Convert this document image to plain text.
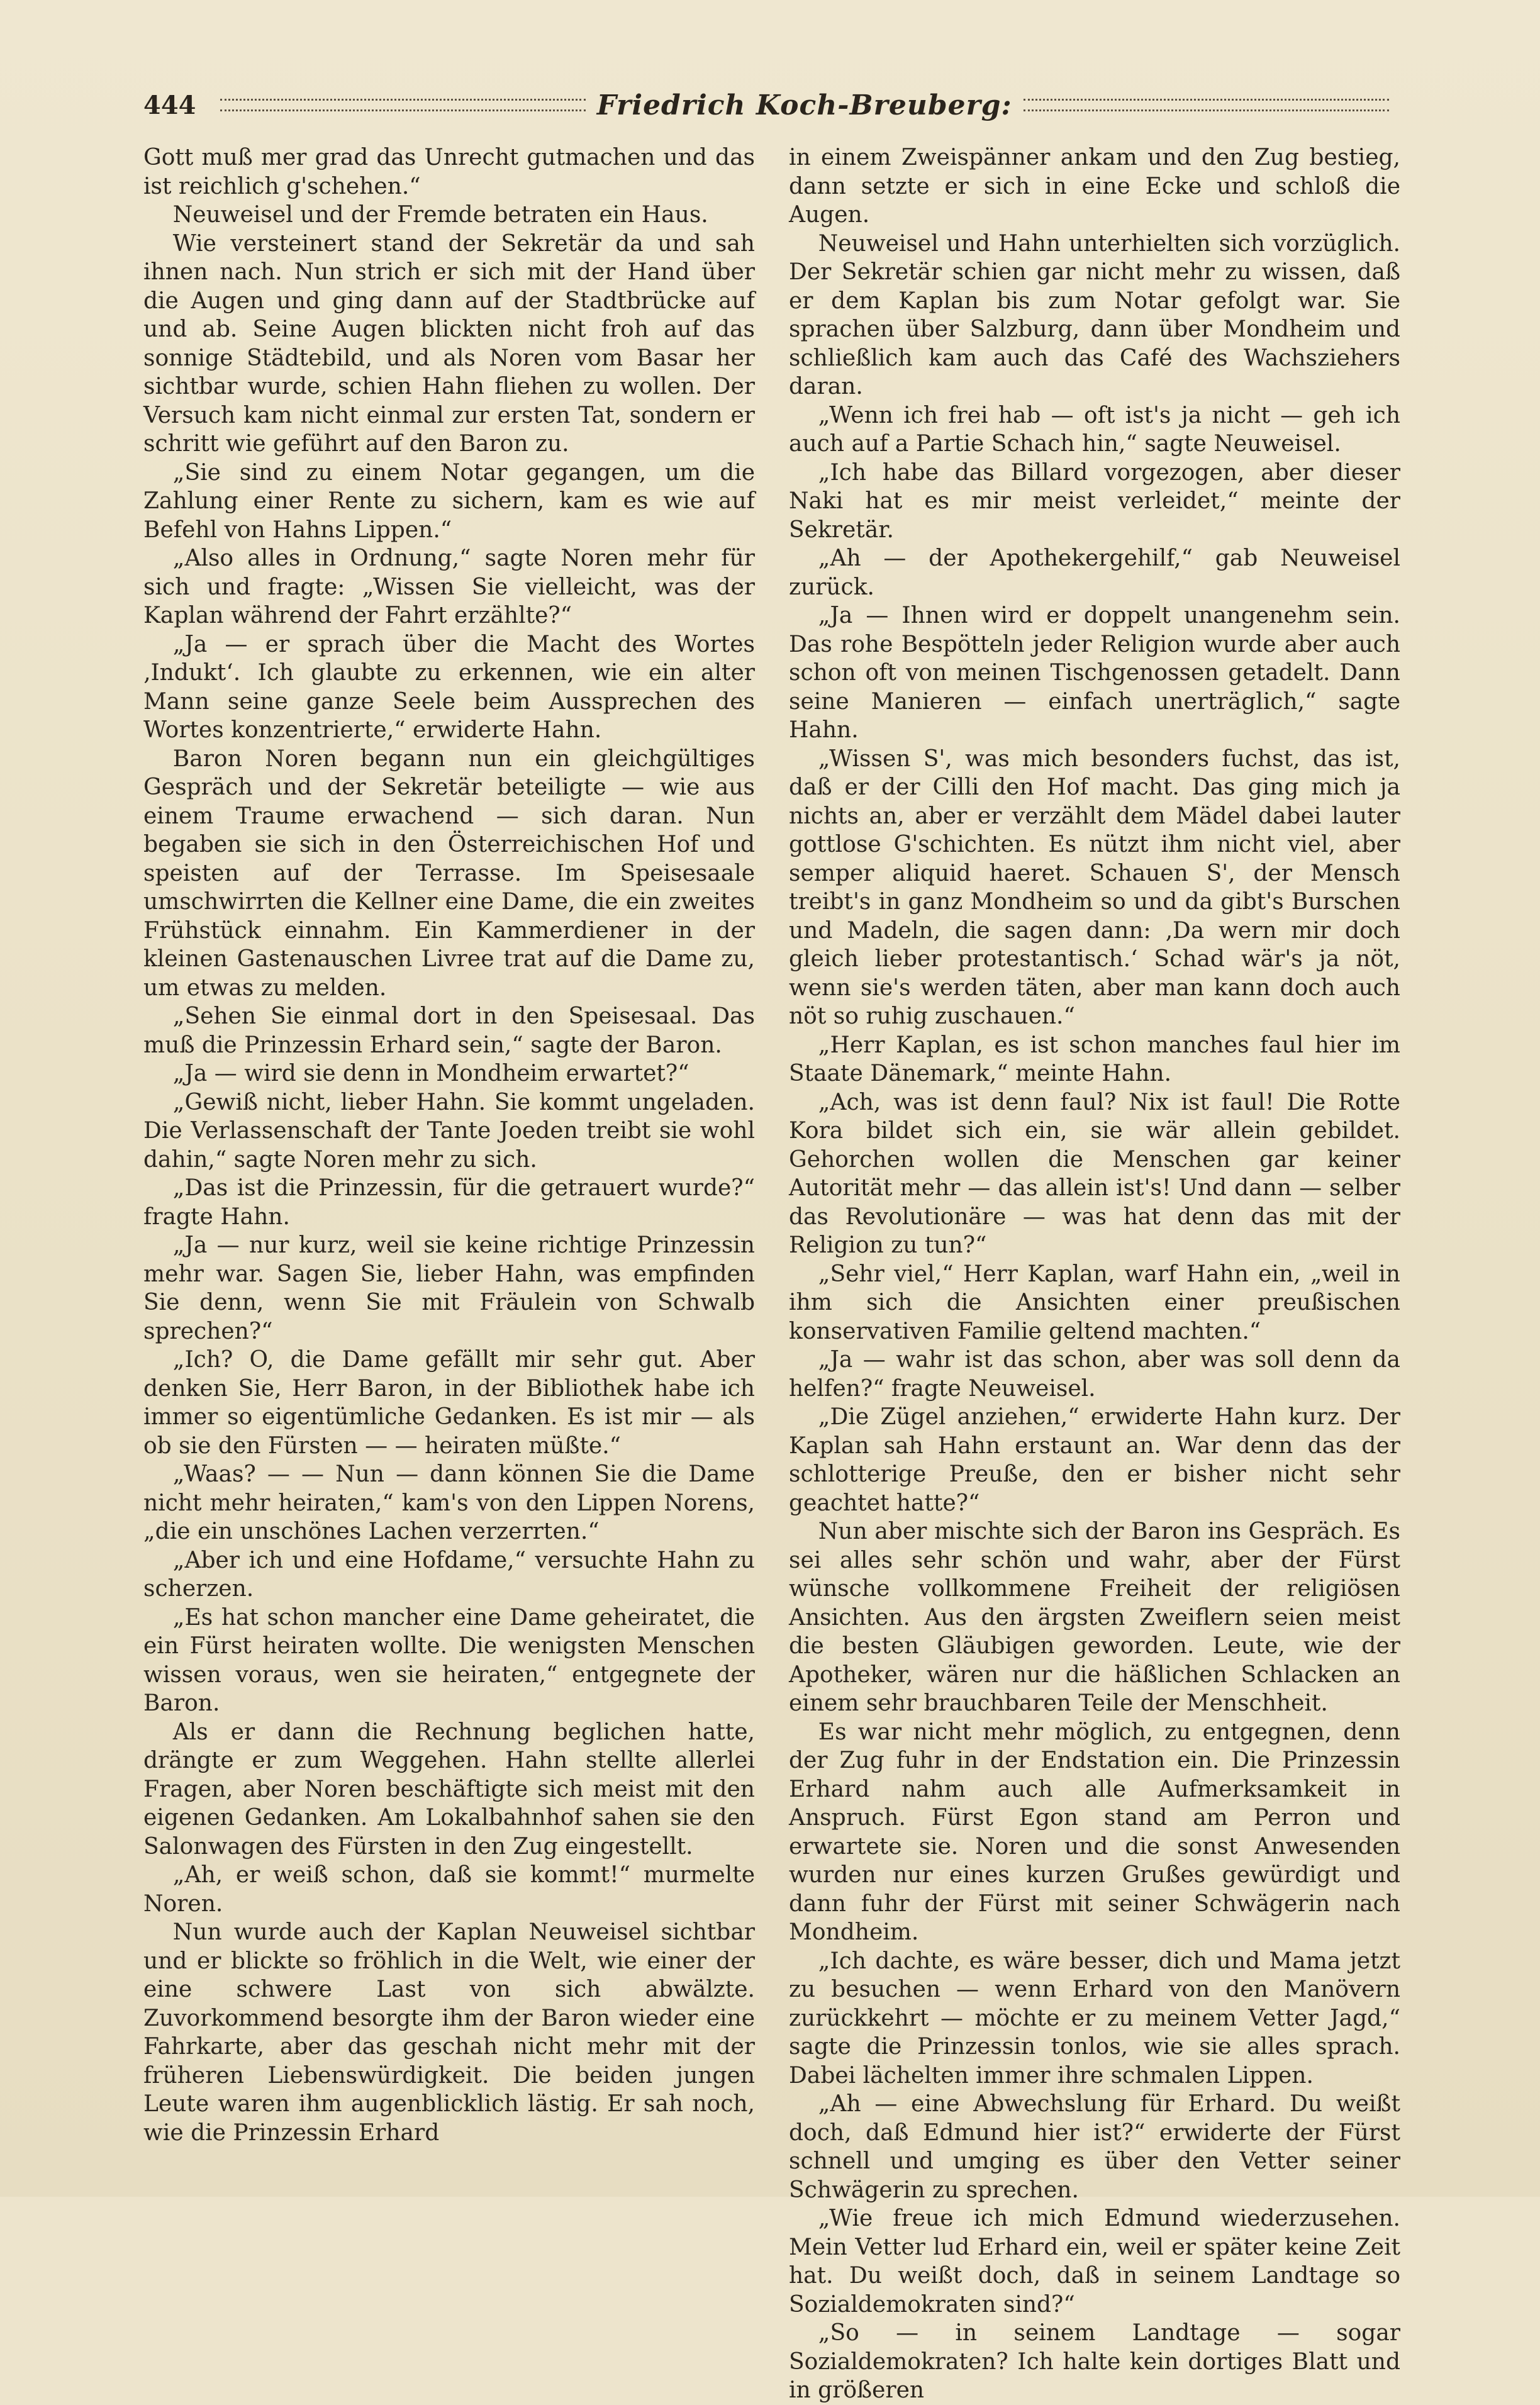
444	Friedrich Koch-Breuberg:

Gott muß mer grad das Unrecht gutmachen und das ist reichlich g'schehen.“

Neuweisel und der Fremde betraten ein Haus.

Wie versteinert stand der Sekretär da und sah ihnen nach. Nun strich er sich mit der Hand über die Augen und ging dann auf der Stadtbrücke auf und ab. Seine Augen blickten nicht froh auf das sonnige Städtebild, und als Noren vom Basar her sichtbar wurde, schien Hahn fliehen zu wollen. Der Versuch kam nicht einmal zur ersten Tat, sondern er schritt wie geführt auf den Baron zu.

„Sie sind zu einem Notar gegangen, um die Zahlung einer Rente zu sichern, kam es wie auf Befehl von Hahns Lippen.“

„Also alles in Ordnung,“ sagte Noren mehr für sich und fragte: „Wissen Sie vielleicht, was der Kaplan während der Fahrt erzählte?“

„Ja — er sprach über die Macht des Wortes ‚Indukt‘. Ich glaubte zu erkennen, wie ein alter Mann seine ganze Seele beim Aussprechen des Wortes konzentrierte,“ erwiderte Hahn.

Baron Noren begann nun ein gleichgültiges Gespräch und der Sekretär beteiligte — wie aus einem Traume erwachend — sich daran. Nun begaben sie sich in den Österreichischen Hof und speisten auf der Terrasse. Im Speisesaale umschwirrten die Kellner eine Dame, die ein zweites Frühstück einnahm. Ein Kammerdiener in der kleinen Gastenauschen Livree trat auf die Dame zu, um etwas zu melden.

„Sehen Sie einmal dort in den Speisesaal. Das muß die Prinzessin Erhard sein,“ sagte der Baron.

„Ja — wird sie denn in Mondheim erwartet?“

„Gewiß nicht, lieber Hahn. Sie kommt ungeladen. Die Verlassenschaft der Tante Joeden treibt sie wohl dahin,“ sagte Noren mehr zu sich.

„Das ist die Prinzessin, für die getrauert wurde?“ fragte Hahn.

„Ja — nur kurz, weil sie keine richtige Prinzessin mehr war. Sagen Sie, lieber Hahn, was empfinden Sie denn, wenn Sie mit Fräulein von Schwalb sprechen?“

„Ich? O, die Dame gefällt mir sehr gut. Aber denken Sie, Herr Baron, in der Bibliothek habe ich immer so eigentümliche Gedanken. Es ist mir — als ob sie den Fürsten — — heiraten müßte.“

„Waas? — — Nun — dann können Sie die Dame nicht mehr heiraten,“ kam's von den Lippen Norens, „die ein unschönes Lachen verzerrten.“

„Aber ich und eine Hofdame,“ versuchte Hahn zu scherzen.

„Es hat schon mancher eine Dame geheiratet, die ein Fürst heiraten wollte. Die wenigsten Menschen wissen voraus, wen sie heiraten,“ entgegnete der Baron.

Als er dann die Rechnung beglichen hatte, drängte er zum Weggehen. Hahn stellte allerlei Fragen, aber Noren beschäftigte sich meist mit den eigenen Gedanken. Am Lokalbahnhof sahen sie den Salonwagen des Fürsten in den Zug eingestellt.

„Ah, er weiß schon, daß sie kommt!“ murmelte Noren.

Nun wurde auch der Kaplan Neuweisel sichtbar und er blickte so fröhlich in die Welt, wie einer der eine schwere Last von sich abwälzte. Zuvorkommend besorgte ihm der Baron wieder eine Fahrkarte, aber das geschah nicht mehr mit der früheren Liebenswürdigkeit. Die beiden jungen Leute waren ihm augenblicklich lästig. Er sah noch, wie die Prinzessin Erhard

in einem Zweispänner ankam und den Zug bestieg, dann setzte er sich in eine Ecke und schloß die Augen.

Neuweisel und Hahn unterhielten sich vorzüglich. Der Sekretär schien gar nicht mehr zu wissen, daß er dem Kaplan bis zum Notar gefolgt war. Sie sprachen über Salzburg, dann über Mondheim und schließlich kam auch das Café des Wachsziehers daran.

„Wenn ich frei hab — oft ist's ja nicht — geh ich auch auf a Partie Schach hin,“ sagte Neuweisel.

„Ich habe das Billard vorgezogen, aber dieser Naki hat es mir meist verleidet,“ meinte der Sekretär.

„Ah — der Apothekergehilf,“ gab Neuweisel zurück.

„Ja — Ihnen wird er doppelt unangenehm sein. Das rohe Bespötteln jeder Religion wurde aber auch schon oft von meinen Tischgenossen getadelt. Dann seine Manieren — einfach unerträglich,“ sagte Hahn.

„Wissen S', was mich besonders fuchst, das ist, daß er der Cilli den Hof macht. Das ging mich ja nichts an, aber er verzählt dem Mädel dabei lauter gottlose G'schichten. Es nützt ihm nicht viel, aber semper aliquid haeret. Schauen S', der Mensch treibt's in ganz Mondheim so und da gibt's Burschen und Madeln, die sagen dann: ‚Da wern mir doch gleich lieber protestantisch.‘ Schad wär's ja nöt, wenn sie's werden täten, aber man kann doch auch nöt so ruhig zuschauen.“

„Herr Kaplan, es ist schon manches faul hier im Staate Dänemark,“ meinte Hahn.

„Ach, was ist denn faul? Nix ist faul! Die Rotte Kora bildet sich ein, sie wär allein gebildet. Gehorchen wollen die Menschen gar keiner Autorität mehr — das allein ist's! Und dann — selber das Revolutionäre — was hat denn das mit der Religion zu tun?“

„Sehr viel,“ Herr Kaplan, warf Hahn ein, „weil in ihm sich die Ansichten einer preußischen konservativen Familie geltend machten.“

„Ja — wahr ist das schon, aber was soll denn da helfen?“ fragte Neuweisel.

„Die Zügel anziehen,“ erwiderte Hahn kurz. Der Kaplan sah Hahn erstaunt an. War denn das der schlotterige Preuße, den er bisher nicht sehr geachtet hatte?“

Nun aber mischte sich der Baron ins Gespräch. Es sei alles sehr schön und wahr, aber der Fürst wünsche vollkommene Freiheit der religiösen Ansichten. Aus den ärgsten Zweiflern seien meist die besten Gläubigen geworden. Leute, wie der Apotheker, wären nur die häßlichen Schlacken an einem sehr brauchbaren Teile der Menschheit.

Es war nicht mehr möglich, zu entgegnen, denn der Zug fuhr in der Endstation ein. Die Prinzessin Erhard nahm auch alle Aufmerksamkeit in Anspruch. Fürst Egon stand am Perron und erwartete sie. Noren und die sonst Anwesenden wurden nur eines kurzen Grußes gewürdigt und dann fuhr der Fürst mit seiner Schwägerin nach Mondheim.

„Ich dachte, es wäre besser, dich und Mama jetzt zu besuchen — wenn Erhard von den Manövern zurückkehrt — möchte er zu meinem Vetter Jagd,“ sagte die Prinzessin tonlos, wie sie alles sprach. Dabei lächelten immer ihre schmalen Lippen.

„Ah — eine Abwechslung für Erhard. Du weißt doch, daß Edmund hier ist?“ erwiderte der Fürst schnell und umging es über den Vetter seiner Schwägerin zu sprechen.

„Wie freue ich mich Edmund wiederzusehen. Mein Vetter lud Erhard ein, weil er später keine Zeit hat. Du weißt doch, daß in seinem Landtage so Sozialdemokraten sind?“

„So — in seinem Landtage — sogar Sozialdemokraten? Ich halte kein dortiges Blatt und in größeren
